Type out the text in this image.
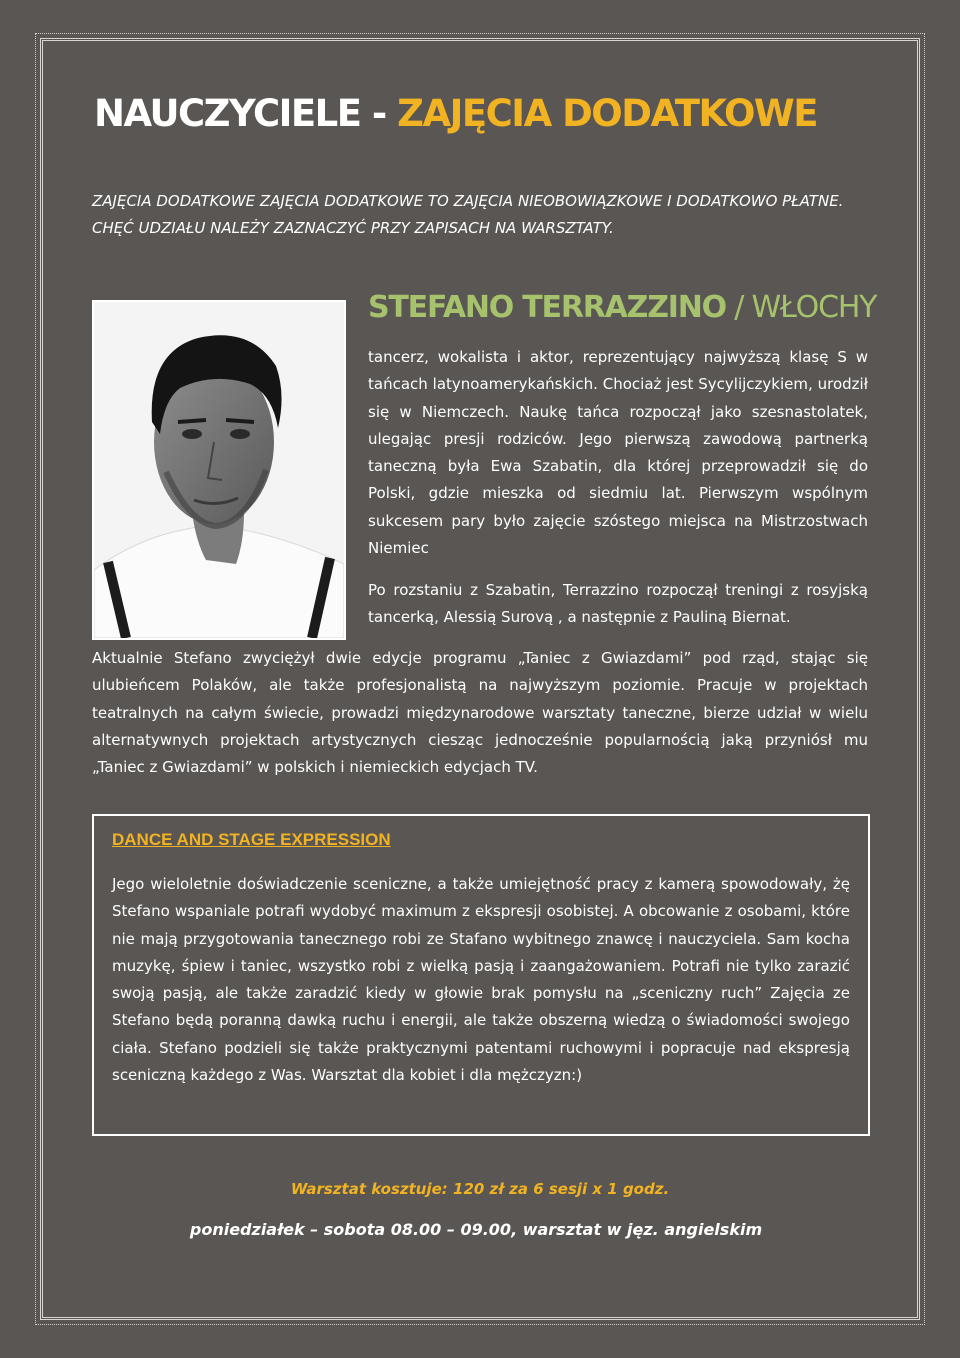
NAUCZYCIELE - ZAJĘCIA DODATKOWE

ZAJĘCIA DODATKOWE ZAJĘCIA DODATKOWE TO ZAJĘCIA NIEOBOWIĄZKOWE I DODATKOWO PŁATNE. CHĘĆ UDZIAŁU NALEŻY ZAZNACZYĆ PRZY ZAPISACH NA WARSZTATY.

STEFANO TERRAZZINO / WŁOCHY

tancerz, wokalista i aktor, reprezentujący najwyższą klasę S w tańcach latynoamerykańskich. Chociaż jest Sycylijczykiem, urodził się w Niemczech. Naukę tańca rozpoczął jako szesnastolatek, ulegając presji rodziców. Jego pierwszą zawodową partnerką taneczną była Ewa Szabatin, dla której przeprowadził się do Polski, gdzie mieszka od siedmiu lat. Pierwszym wspólnym sukcesem pary było zajęcie szóstego miejsca na Mistrzostwach Niemiec

Po rozstaniu z Szabatin, Terrazzino rozpoczął treningi z rosyjską tancerką, Alessią Surovą , a następnie z Pauliną Biernat.

Aktualnie Stefano zwyciężył dwie edycje programu „Taniec z Gwiazdami” pod rząd, stając się ulubieńcem Polaków, ale także profesjonalistą na najwyższym poziomie. Pracuje w projektach teatralnych na całym świecie, prowadzi międzynarodowe warsztaty taneczne, bierze udział w wielu alternatywnych projektach artystycznych ciesząc jednocześnie popularnością jaką przyniósł mu „Taniec z Gwiazdami” w polskich i niemieckich edycjach TV.

DANCE AND STAGE EXPRESSION

Jego wieloletnie doświadczenie sceniczne, a także umiejętność pracy z kamerą spowodowały, żę Stefano wspaniale potrafi wydobyć maximum z ekspresji osobistej. A obcowanie z osobami, które nie mają przygotowania tanecznego robi ze Stafano wybitnego znawcę i nauczyciela. Sam kocha muzykę, śpiew i taniec, wszystko robi z wielką pasją i zaangażowaniem. Potrafi nie tylko zarazić swoją pasją, ale także zaradzić kiedy w głowie brak pomysłu na „sceniczny ruch” Zajęcia ze Stefano będą poranną dawką ruchu i energii, ale także obszerną wiedzą o świadomości swojego ciała. Stefano podzieli się także praktycznymi patentami ruchowymi i popracuje nad ekspresją sceniczną każdego z Was. Warsztat dla kobiet i dla mężczyzn:)

Warsztat kosztuje: 120 zł za 6 sesji x 1 godz.

poniedziałek – sobota 08.00 – 09.00, warsztat w jęz. angielskim
